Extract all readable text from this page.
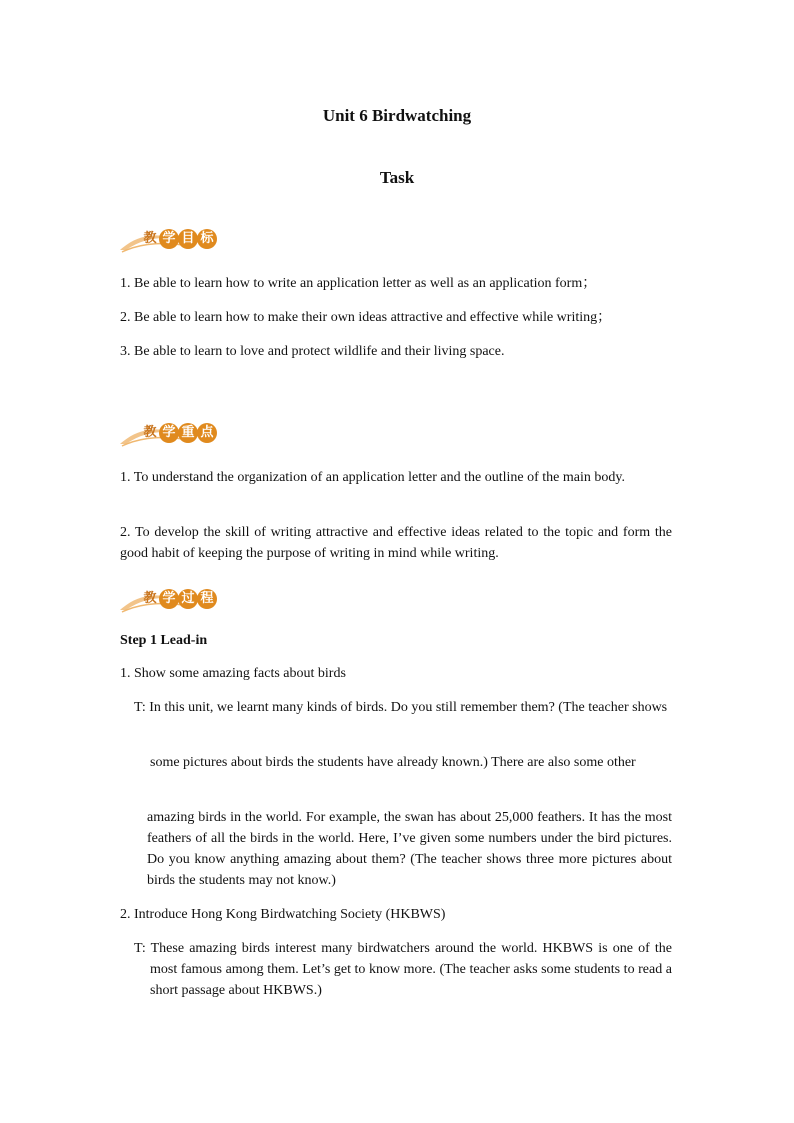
Unit 6 Birdwatching
Task
教 学 目 标
1. Be able to learn how to write an application letter as well as an application form；
2. Be able to learn how to make their own ideas attractive and effective while writing；
3. Be able to learn to love and protect wildlife and their living space.
教 学 重 点
1. To understand the organization of an application letter and the outline of the main body.
2. To develop the skill of writing attractive and effective ideas related to the topic and form the good habit of keeping the purpose of writing in mind while writing.
教 学 过 程
Step 1 Lead-in
1. Show some amazing facts about birds
T: In this unit, we learnt many kinds of birds. Do you still remember them? (The teacher shows
some pictures about birds the students have already known.) There are also some other
amazing birds in the world. For example, the swan has about 25,000 feathers. It has the most feathers of all the birds in the world. Here, I’ve given some numbers under the bird pictures. Do you know anything amazing about them? (The teacher shows three more pictures about birds the students may not know.)
2. Introduce Hong Kong Birdwatching Society (HKBWS)
T: These amazing birds interest many birdwatchers around the world. HKBWS is one of the most famous among them. Let’s get to know more. (The teacher asks some students to read a short passage about HKBWS.)
